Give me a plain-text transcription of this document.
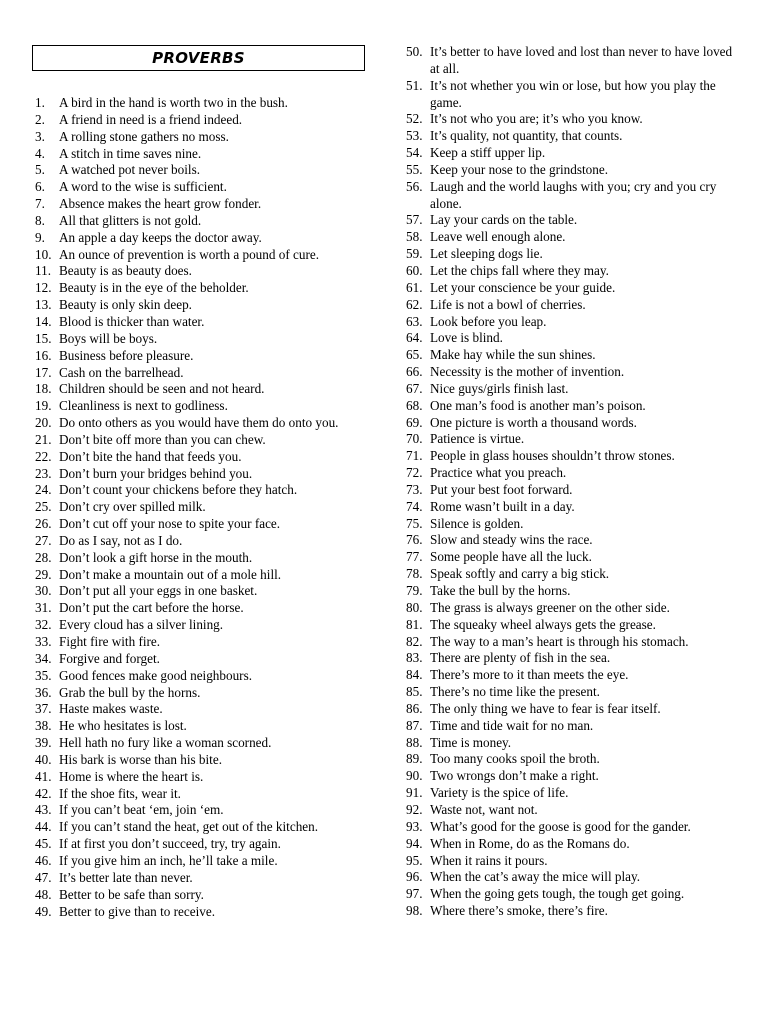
PROVERBS
1.	A bird in the hand is worth two in the bush.
2.	A friend in need is a friend indeed.
3.	A rolling stone gathers no moss.
4.	A stitch in time saves nine.
5.	A watched pot never boils.
6.	A word to the wise is sufficient.
7.	Absence makes the heart grow fonder.
8.	All that glitters is not gold.
9.	An apple a day keeps the doctor away.
10. An ounce of prevention is worth a pound of cure.
11. Beauty is as beauty does.
12. Beauty is in the eye of the beholder.
13. Beauty is only skin deep.
14. Blood is thicker than water.
15. Boys will be boys.
16. Business before pleasure.
17. Cash on the barrelhead.
18. Children should be seen and not heard.
19. Cleanliness is next to godliness.
20. Do onto others as you would have them do onto you.
21. Don’t bite off more than you can chew.
22. Don’t bite the hand that feeds you.
23. Don’t burn your bridges behind you.
24. Don’t count your chickens before they hatch.
25. Don’t cry over spilled milk.
26. Don’t cut off your nose to spite your face.
27. Do as I say, not as I do.
28. Don’t look a gift horse in the mouth.
29. Don’t make a mountain out of a mole hill.
30. Don’t put all your eggs in one basket.
31. Don’t put the cart before the horse.
32. Every cloud has a silver lining.
33. Fight fire with fire.
34. Forgive and forget.
35. Good fences make good neighbours.
36. Grab the bull by the horns.
37. Haste makes waste.
38. He who hesitates is lost.
39. Hell hath no fury like a woman scorned.
40. His bark is worse than his bite.
41. Home is where the heart is.
42. If the shoe fits, wear it.
43. If you can’t beat ‘em, join ‘em.
44. If you can’t stand the heat, get out of the kitchen.
45. If at first you don’t succeed, try, try again.
46. If you give him an inch, he’ll take a mile.
47. It’s better late than never.
48. Better to be safe than sorry.
49. Better to give than to receive.
50. It’s better to have loved and lost than never to have loved at all.
51. It’s not whether you win or lose, but how you play the game.
52. It’s not who you are; it’s who you know.
53. It’s quality, not quantity, that counts.
54. Keep a stiff upper lip.
55. Keep your nose to the grindstone.
56. Laugh and the world laughs with you; cry and you cry alone.
57. Lay your cards on the table.
58. Leave well enough alone.
59. Let sleeping dogs lie.
60. Let the chips fall where they may.
61. Let your conscience be your guide.
62. Life is not a bowl of cherries.
63. Look before you leap.
64. Love is blind.
65. Make hay while the sun shines.
66. Necessity is the mother of invention.
67. Nice guys/girls finish last.
68. One man’s food is another man’s poison.
69. One picture is worth a thousand words.
70. Patience is virtue.
71. People in glass houses shouldn’t throw stones.
72. Practice what you preach.
73. Put your best foot forward.
74. Rome wasn’t built in a day.
75. Silence is golden.
76. Slow and steady wins the race.
77. Some people have all the luck.
78. Speak softly and carry a big stick.
79. Take the bull by the horns.
80. The grass is always greener on the other side.
81. The squeaky wheel always gets the grease.
82. The way to a man’s heart is through his stomach.
83. There are plenty of fish in the sea.
84. There’s more to it than meets the eye.
85. There’s no time like the present.
86. The only thing we have to fear is fear itself.
87. Time and tide wait for no man.
88. Time is money.
89. Too many cooks spoil the broth.
90. Two wrongs don’t make a right.
91. Variety is the spice of life.
92. Waste not, want not.
93. What’s good for the goose is good for the gander.
94. When in Rome, do as the Romans do.
95. When it rains it pours.
96. When the cat’s away the mice will play.
97. When the going gets tough, the tough get going.
98. Where there’s smoke, there’s fire.
